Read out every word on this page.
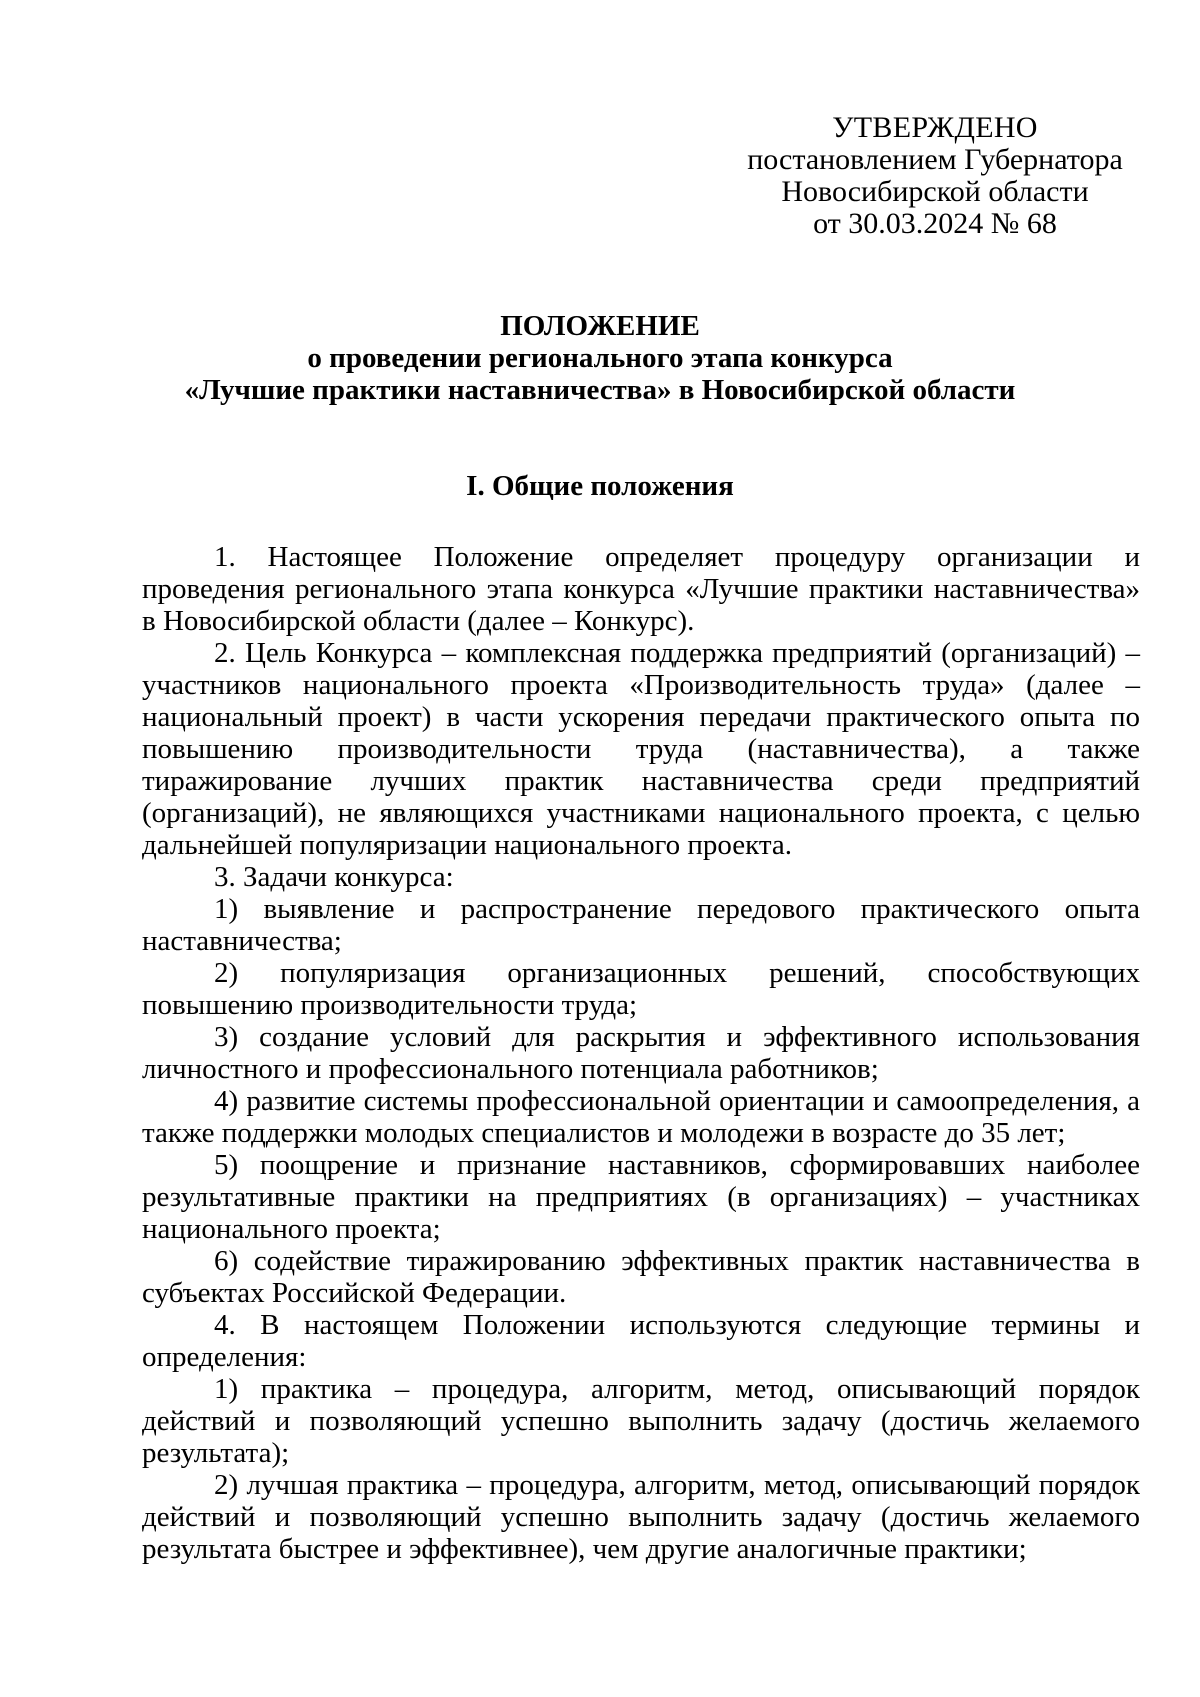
УТВЕРЖДЕНО
постановлением Губернатора
Новосибирской области
от 30.03.2024 № 68
ПОЛОЖЕНИЕ
о проведении регионального этапа конкурса
«Лучшие практики наставничества» в Новосибирской области
I. Общие положения

1. Настоящее Положение определяет процедуру организации и проведения регионального этапа конкурса «Лучшие практики наставничества» в Новосибирской области (далее – Конкурс).

2. Цель Конкурса – комплексная поддержка предприятий (организаций) – участников национального проекта «Производительность труда» (далее – национальный проект) в части ускорения передачи практического опыта по повышению производительности труда (наставничества), а также тиражирование лучших практик наставничества среди предприятий (организаций), не являющихся участниками национального проекта, с целью дальнейшей популяризации национального проекта.

3. Задачи конкурса:

1) выявление и распространение передового практического опыта наставничества;

2) популяризация организационных решений, способствующих повышению производительности труда;

3) создание условий для раскрытия и эффективного использования личностного и профессионального потенциала работников;

4) развитие системы профессиональной ориентации и самоопределения, а также поддержки молодых специалистов и молодежи в возрасте до 35 лет;

5) поощрение и признание наставников, сформировавших наиболее результативные практики на предприятиях (в организациях) – участниках национального проекта;

6) содействие тиражированию эффективных практик наставничества в субъектах Российской Федерации.

4. В настоящем Положении используются следующие термины и определения:

1) практика – процедура, алгоритм, метод, описывающий порядок действий и позволяющий успешно выполнить задачу (достичь желаемого результата);

2) лучшая практика – процедура, алгоритм, метод, описывающий порядок действий и позволяющий успешно выполнить задачу (достичь желаемого результата быстрее и эффективнее), чем другие аналогичные практики;
